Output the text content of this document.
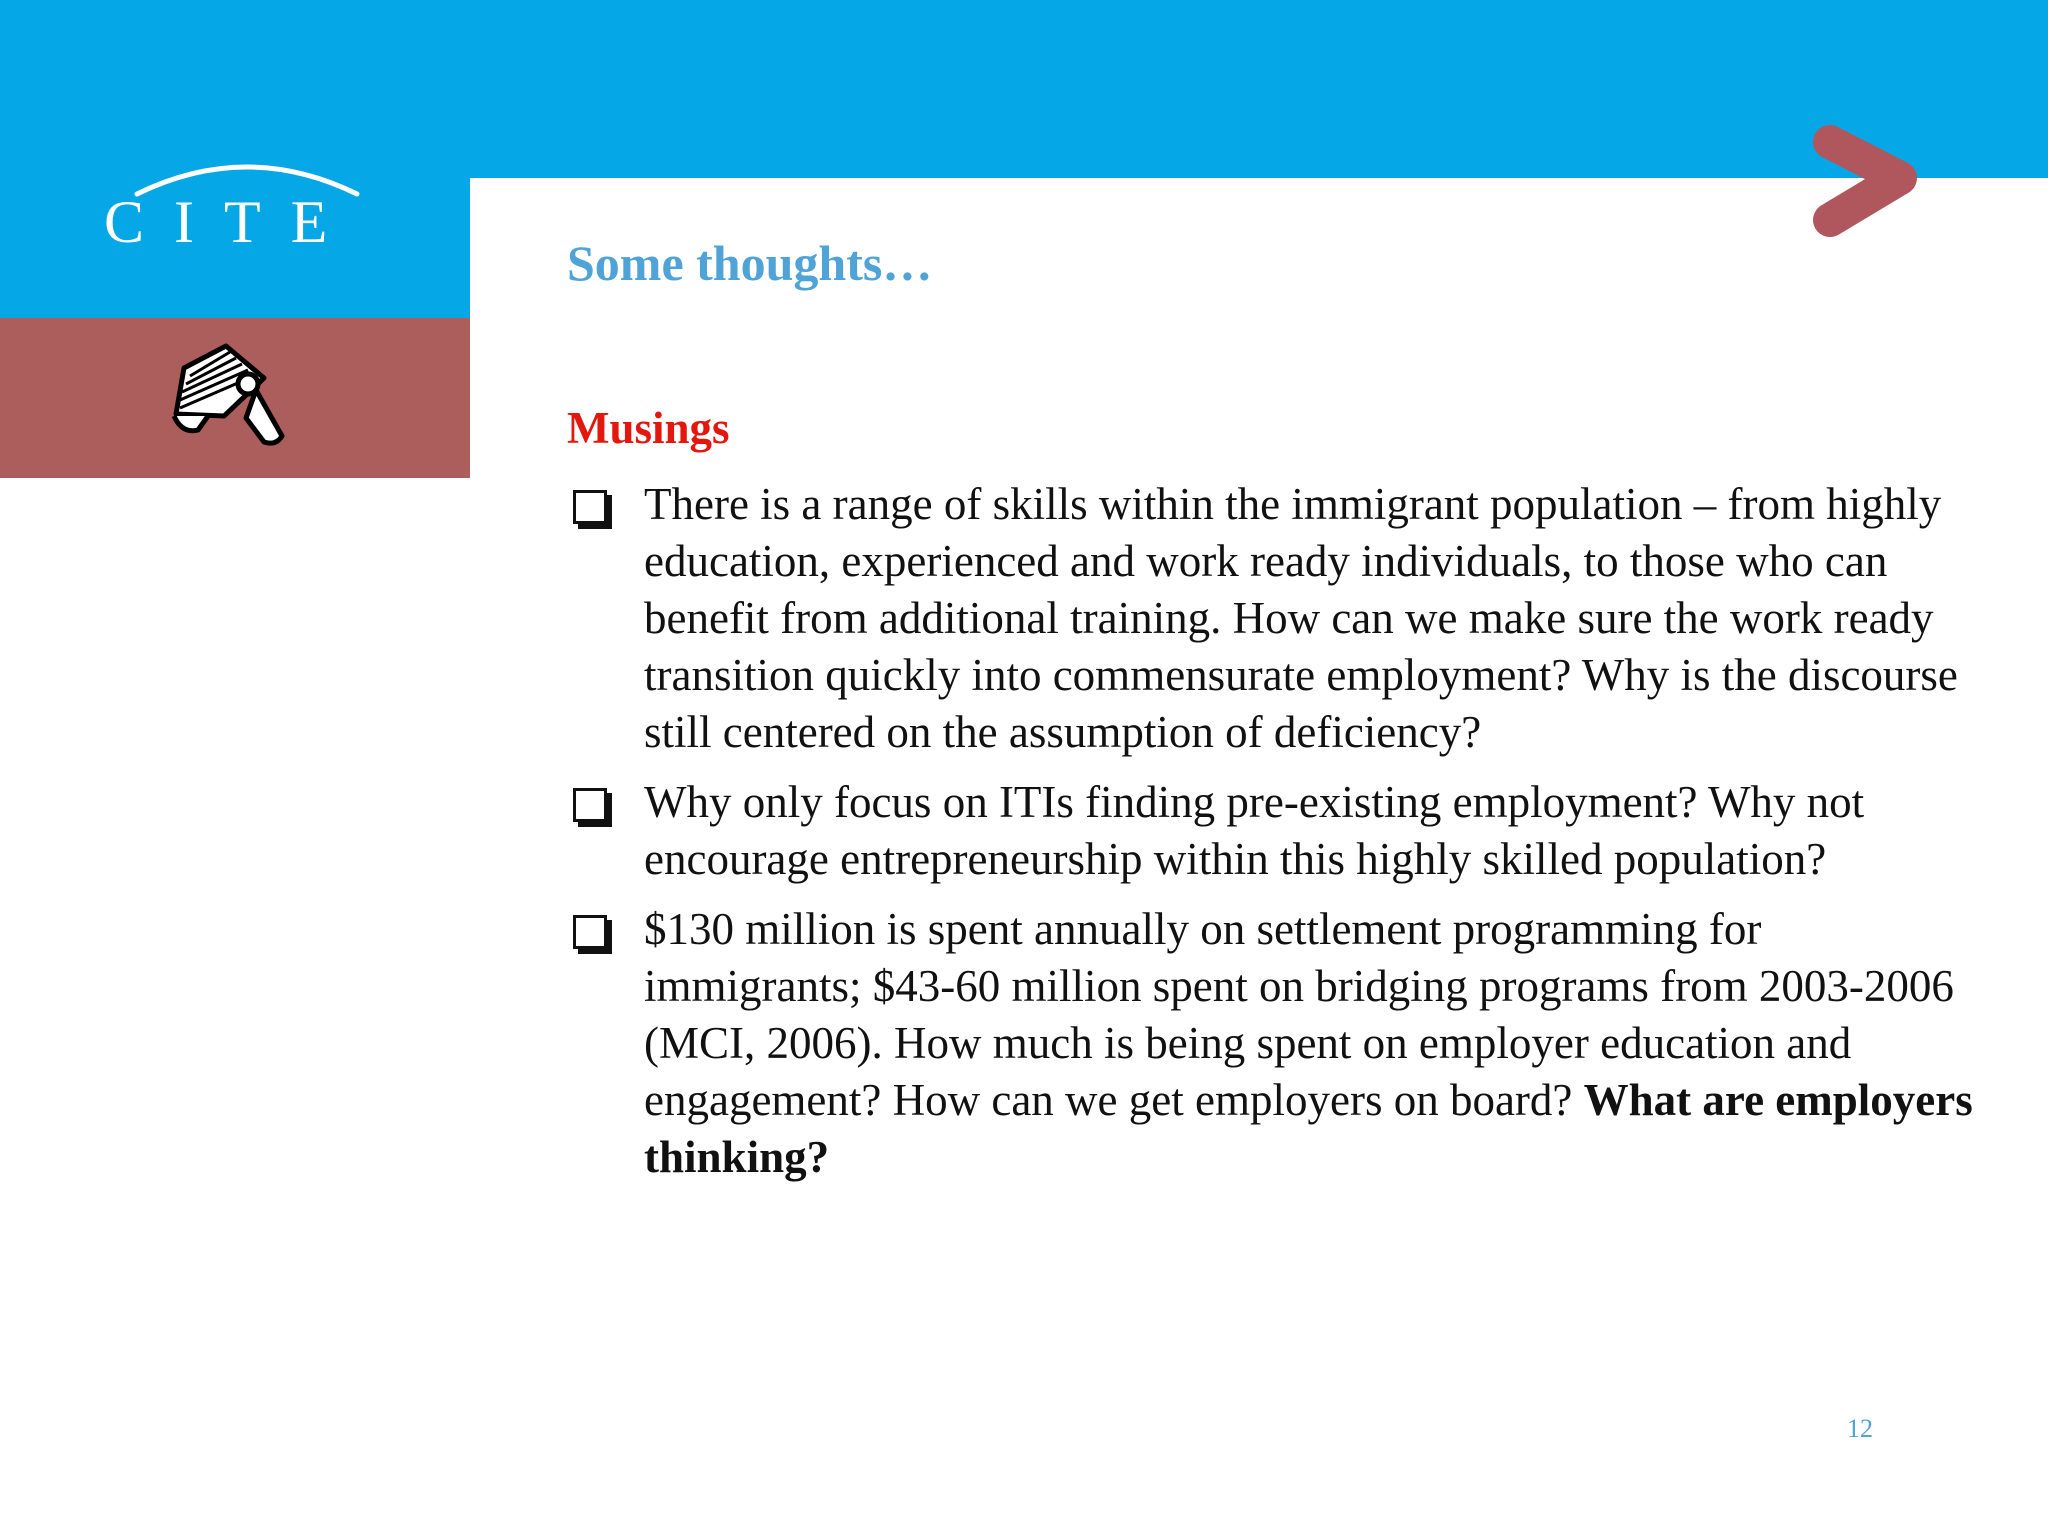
CITE
Some thoughts…
Musings
There is a range of skills within the immigrant population – from highly education, experienced and work ready individuals, to those who can benefit from additional training. How can we make sure the work ready transition quickly into commensurate employment? Why is the discourse still centered on the assumption of deficiency?
Why only focus on ITIs finding pre-existing employment? Why not encourage entrepreneurship within this highly skilled population?
$130 million is spent annually on settlement programming for immigrants; $43-60 million spent on bridging programs from 2003-2006 (MCI, 2006). How much is being spent on employer education and engagement? How can we get employers on board? What are employers thinking?
12
